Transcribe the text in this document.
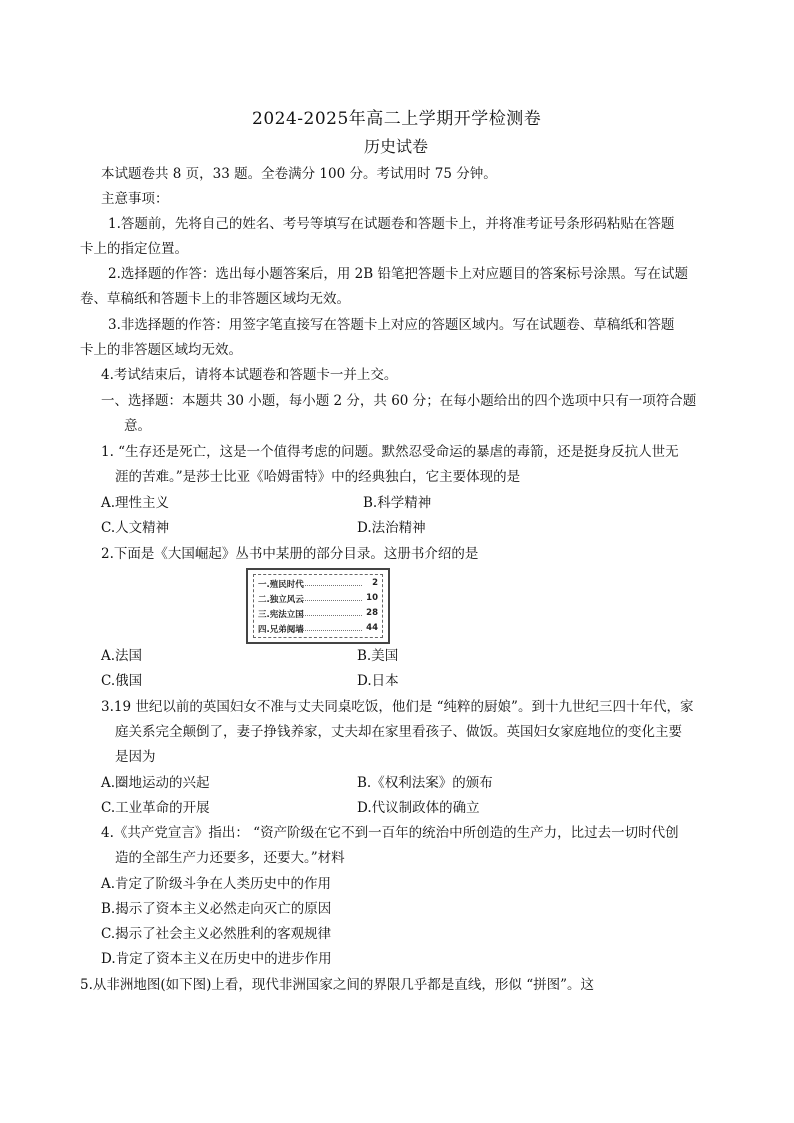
2024-2025年高二上学期开学检测卷
历史试卷
本试题卷共 8 页，33 题。全卷满分 100 分。考试用时 75 分钟。
主意事项：
1.答题前，先将自己的姓名、考号等填写在试题卷和答题卡上，并将准考证号条形码粘贴在答题
卡上的指定位置。
2.选择题的作答：选出每小题答案后，用 2B 铅笔把答题卡上对应题目的答案标号涂黑。写在试题
卷、草稿纸和答题卡上的非答题区域均无效。
3.非选择题的作答：用签字笔直接写在答题卡上对应的答题区域内。写在试题卷、草稿纸和答题
卡上的非答题区域均无效。
4.考试结束后，请将本试题卷和答题卡一并上交。
一、选择题：本题共 30 小题，每小题 2 分，共 60 分；在每小题给出的四个选项中只有一项符合题
意。
1. “生存还是死亡，这是一个值得考虑的问题。默然忍受命运的暴虐的毒箭，还是挺身反抗人世无
涯的苦难。”是莎士比亚《哈姆雷特》中的经典独白，它主要体现的是
A.理性主义	B.科学精神
C.人文精神	D.法治精神
2.下面是《大国崛起》丛书中某册的部分目录。这册书介绍的是
一.殖民时代	2
二.独立风云	10
三.宪法立国	28
四.兄弟阋墙	44
A.法国	B.美国
C.俄国	D.日本
3.19 世纪以前的英国妇女不准与丈夫同桌吃饭，他们是 “纯粹的厨娘”。到十九世纪三四十年代，家
庭关系完全颠倒了，妻子挣钱养家，丈夫却在家里看孩子、做饭。英国妇女家庭地位的变化主要
是因为
A.圈地运动的兴起	B.《权利法案》的颁布
C.工业革命的开展	D.代议制政体的确立
4.《共产党宣言》指出： “资产阶级在它不到一百年的统治中所创造的生产力，比过去一切时代创
造的全部生产力还要多，还要大。”材料
A.肯定了阶级斗争在人类历史中的作用
B.揭示了资本主义必然走向灭亡的原因
C.揭示了社会主义必然胜利的客观规律
D.肯定了资本主义在历史中的进步作用
5.从非洲地图(如下图)上看，现代非洲国家之间的界限几乎都是直线，形似 “拼图”。这
